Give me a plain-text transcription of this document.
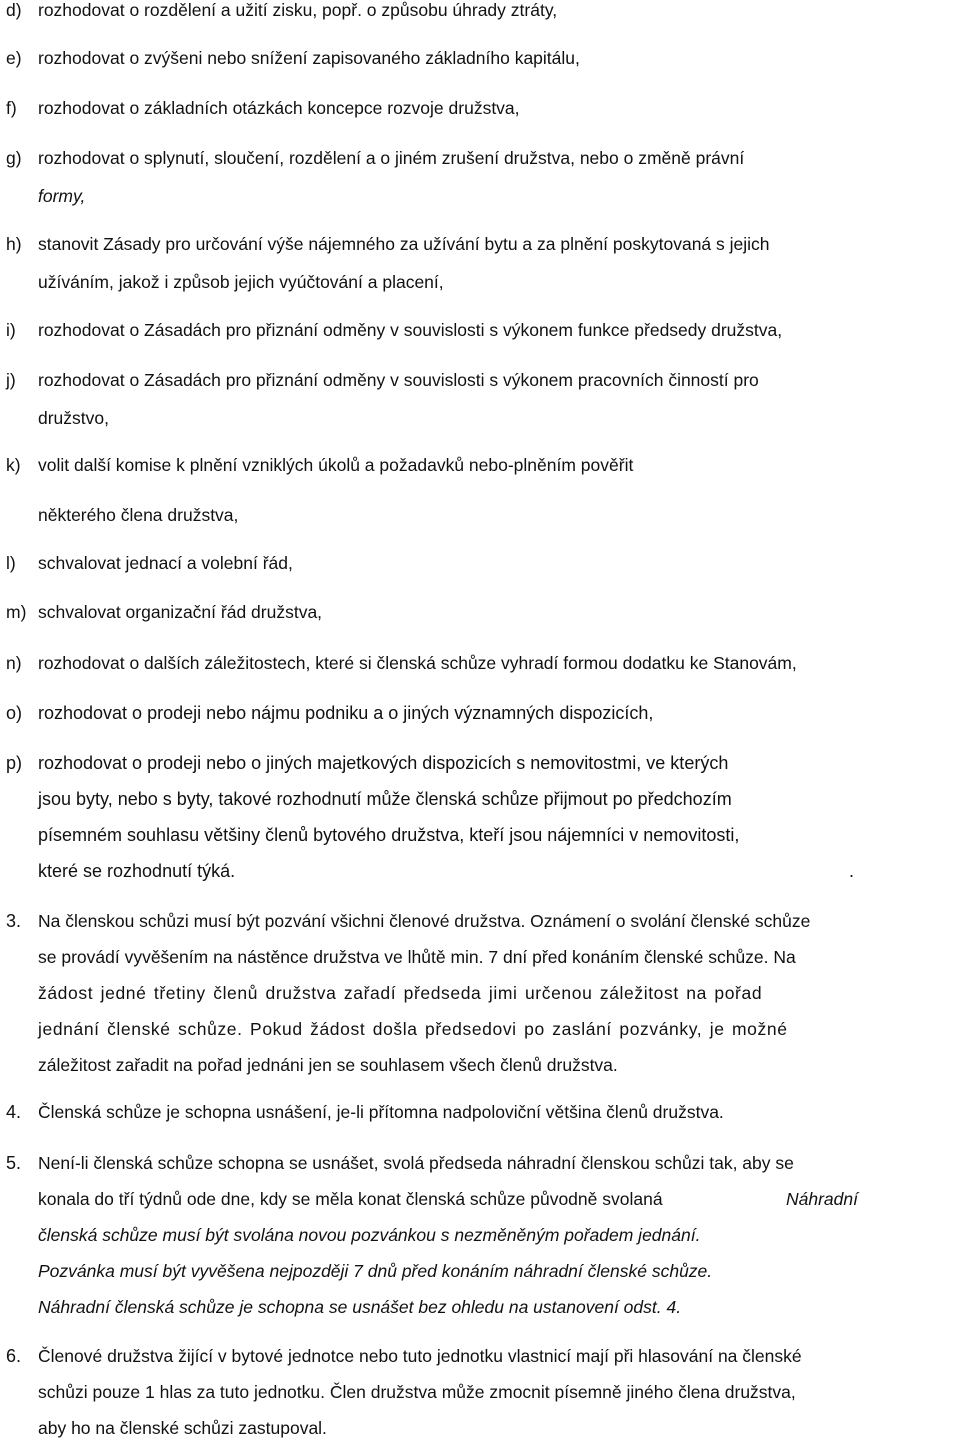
d) rozhodovat o rozdělení a užití zisku, popř. o způsobu úhrady ztráty,
e) rozhodovat o zvýšeni nebo snížení zapisovaného základního kapitálu,
f) rozhodovat o základních otázkách koncepce rozvoje družstva,
g) rozhodovat o splynutí, sloučení, rozdělení a o jiném zrušení družstva, nebo o změně právní
formy,
h) stanovit Zásady pro určování výše nájemného za užívání bytu a za plnění poskytovaná s jejich
užíváním, jakož i způsob jejich vyúčtování a placení,
i) rozhodovat o Zásadách pro přiznání odměny v souvislosti s výkonem funkce předsedy družstva,
j) rozhodovat o Zásadách pro přiznání odměny v souvislosti s výkonem pracovních činností pro
družstvo,
k) volit další komise k plnění vzniklých úkolů a požadavků nebo-plněním pověřit
některého člena družstva,
l) schvalovat jednací a volební řád,
m) schvalovat organizační řád družstva,
n) rozhodovat o dalších záležitostech, které si členská schůze vyhradí formou dodatku ke Stanovám,
o) rozhodovat o prodeji nebo nájmu podniku a o jiných významných dispozicích,
p) rozhodovat o prodeji nebo o jiných majetkových dispozicích s nemovitostmi, ve kterých
jsou byty, nebo s byty, takové rozhodnutí může členská schůze přijmout po předchozím
písemném souhlasu většiny členů bytového družstva, kteří jsou nájemníci v nemovitosti,
které se rozhodnutí týká.	.
3. Na členskou schůzi musí být pozvání všichni členové družstva. Oznámení o svolání členské schůze
se provádí vyvěšením na nástěnce družstva ve lhůtě min. 7 dní před konáním členské schůze. Na
žádost jedné třetiny členů družstva zařadí předseda jimi určenou záležitost na pořad
jednání členské schůze. Pokud žádost došla předsedovi po zaslání pozvánky, je možné
záležitost zařadit na pořad jednáni jen se souhlasem všech členů družstva.
4. Členská schůze je schopna usnášení, je-li přítomna nadpoloviční většina členů družstva.
5. Není-li členská schůze schopna se usnášet, svolá předseda náhradní členskou schůzi tak, aby se
konala do tří týdnů ode dne, kdy se měla konat členská schůze původně svolaná	Náhradní
členská schůze musí být svolána novou pozvánkou s nezměněným pořadem jednání.
Pozvánka musí být vyvěšena nejpozději 7 dnů před konáním náhradní členské schůze.
Náhradní členská schůze je schopna se usnášet bez ohledu na ustanovení odst. 4.
6. Členové družstva žijící v bytové jednotce nebo tuto jednotku vlastnicí mají při hlasování na členské
schůzi pouze 1 hlas za tuto jednotku. Člen družstva může zmocnit písemně jiného člena družstva,
aby ho na členské schůzi zastupoval.
